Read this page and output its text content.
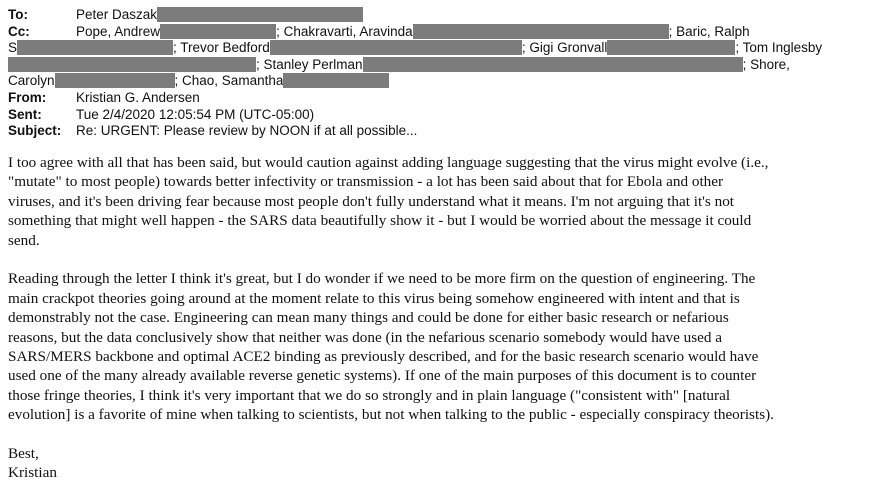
To:	Peter Daszak
Cc:	Pope, Andrew	; Chakravarti, Aravinda	; Baric, Ralph
S	; Trevor Bedford	; Gigi Gronvall	; Tom Inglesby
; Stanley Perlman	; Shore,
Carolyn	; Chao, Samantha
From: Kristian G. Andersen
Sent:	Tue 2/4/2020 12:05:54 PM (UTC-05:00)
Subject: Re: URGENT: Please review by NOON if at all possible...

I too agree with all that has been said, but would caution against adding language suggesting that the virus might evolve (i.e.,
"mutate" to most people) towards better infectivity or transmission - a lot has been said about that for Ebola and other
viruses, and it's been driving fear because most people don't fully understand what it means. I'm not arguing that it's not
something that might well happen - the SARS data beautifully show it - but I would be worried about the message it could
send.

Reading through the letter I think it's great, but I do wonder if we need to be more firm on the question of engineering. The
main crackpot theories going around at the moment relate to this virus being somehow engineered with intent and that is
demonstrably not the case. Engineering can mean many things and could be done for either basic research or nefarious
reasons, but the data conclusively show that neither was done (in the nefarious scenario somebody would have used a
SARS/MERS backbone and optimal ACE2 binding as previously described, and for the basic research scenario would have
used one of the many already available reverse genetic systems). If one of the main purposes of this document is to counter
those fringe theories, I think it's very important that we do so strongly and in plain language ("consistent with" [natural
evolution] is a favorite of mine when talking to scientists, but not when talking to the public - especially conspiracy theorists).

Best,
Kristian
